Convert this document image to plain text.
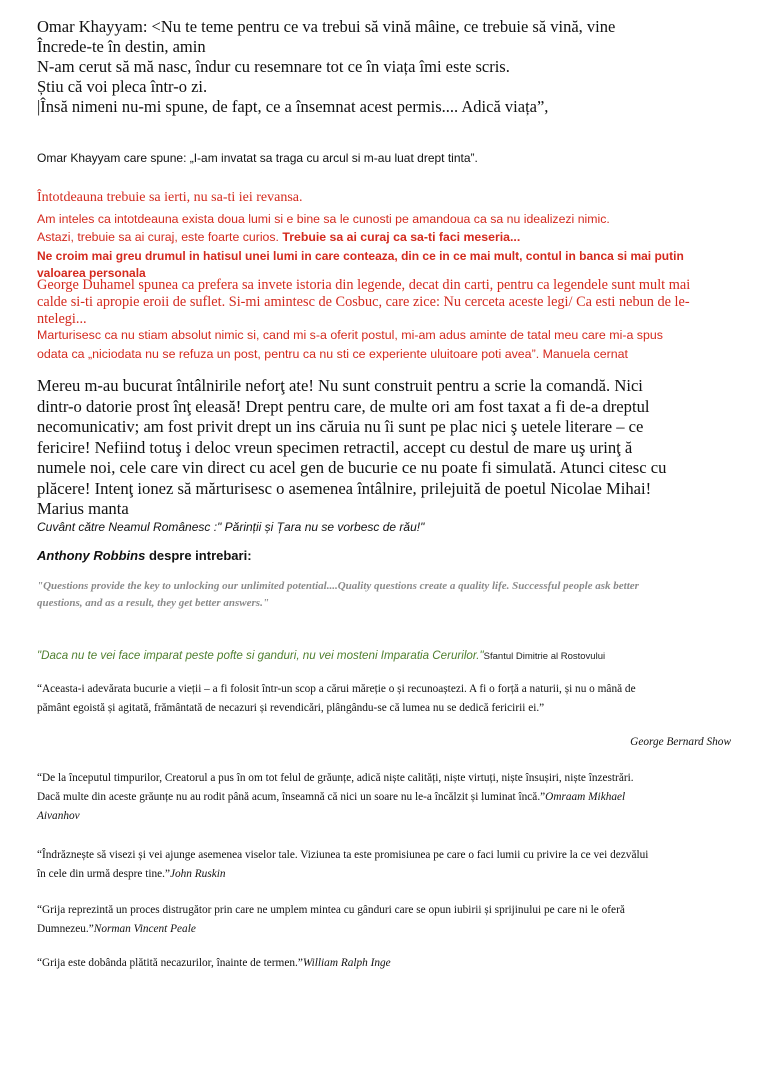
Omar Khayyam: <Nu te teme pentru ce va trebui să vină mâine, ce trebuie să vină, vine
Încrede-te în destin, amin
N-am cerut să mă nasc, îndur cu resemnare tot ce în viața îmi este scris.
Știu că voi pleca într-o zi.
|Însă nimeni nu-mi spune, de fapt, ce a însemnat acest permis.... Adică viața”,
Omar Khayyam care spune: „I-am invatat sa traga cu arcul si m-au luat drept tinta”.
Întotdeauna trebuie sa ierti, nu sa-ti iei revansa.
Am inteles ca intotdeauna exista doua lumi si e bine sa le cunosti pe amandoua ca sa nu idealizezi nimic.
Astazi, trebuie sa ai curaj, este foarte curios. Trebuie sa ai curaj ca sa-ti faci meseria...
Ne croim mai greu drumul in hatisul unei lumi in care conteaza, din ce in ce mai mult, contul in banca si mai putin
valoarea personala
George Duhamel spunea ca prefera sa invete istoria din legende, decat din carti, pentru ca legendele sunt mult mai
calde si-ti apropie eroii de suflet. Si-mi amintesc de Cosbuc, care zice: Nu cerceta aceste legi/ Ca esti nebun de le-
ntelegi...
Marturisesc ca nu stiam absolut nimic si, cand mi s-a oferit postul, mi-am adus aminte de tatal meu care mi-a spus
odata ca „niciodata nu se refuza un post, pentru ca nu sti ce experiente uluitoare poti avea”. Manuela cernat
Mereu m-au bucurat întâlnirile neforţ ate! Nu sunt construit pentru a scrie la comandă. Nici
dintr-o datorie prost înţ eleasă! Drept pentru care, de multe ori am fost taxat a fi de-a dreptul
necomunicativ; am fost privit drept un ins căruia nu îi sunt pe plac nici ş uetele literare – ce
fericire! Nefiind totuş i deloc vreun specimen retractil, accept cu destul de mare uş urinţ ă
numele noi, cele care vin direct cu acel gen de bucurie ce nu poate fi simulată. Atunci citesc cu
plăcere! Intenţ ionez să mărturisesc o asemenea întâlnire, prilejuită de poetul Nicolae Mihai!
Marius manta
Cuvânt către Neamul Românesc :" Părinții și Țara nu se vorbesc de rău!"
Anthony Robbins despre intrebari:
"Questions provide the key to unlocking our unlimited potential....Quality questions create a quality life. Successful people ask better
questions, and as a result, they get better answers."
"Daca nu te vei face imparat peste pofte si ganduri, nu vei mosteni Imparatia Cerurilor."Sfantul Dimitrie al Rostovului
“Aceasta-i adevărata bucurie a vieții – a fi folosit într-un scop a cărui măreție o și recunoaștezi. A fi o forță a naturii, și nu o mână de
pământ egoistă și agitată, frământată de necazuri și revendicări, plângându-se că lumea nu se dedică fericirii ei.”
George Bernard Show
“De la începutul timpurilor, Creatorul a pus în om tot felul de grăunțe, adică niște calități, niște virtuți, niște însușiri, niște înzestrări.
Dacă multe din aceste grăunțe nu au rodit până acum, înseamnă că nici un soare nu le-a încălzit și luminat încă.”Omraam Mikhael
Aivanhov
“Îndrăznește să visezi și vei ajunge asemenea viselor tale. Viziunea ta este promisiunea pe care o faci lumii cu privire la ce vei dezvălui
în cele din urmă despre tine.”John Ruskin
“Grija reprezintă un proces distrugător prin care ne umplem mintea cu gânduri care se opun iubirii și sprijinului pe care ni le oferă
Dumnezeu.”Norman Vincent Peale
“Grija este dobânda plătită necazurilor, înainte de termen.”William Ralph Inge
